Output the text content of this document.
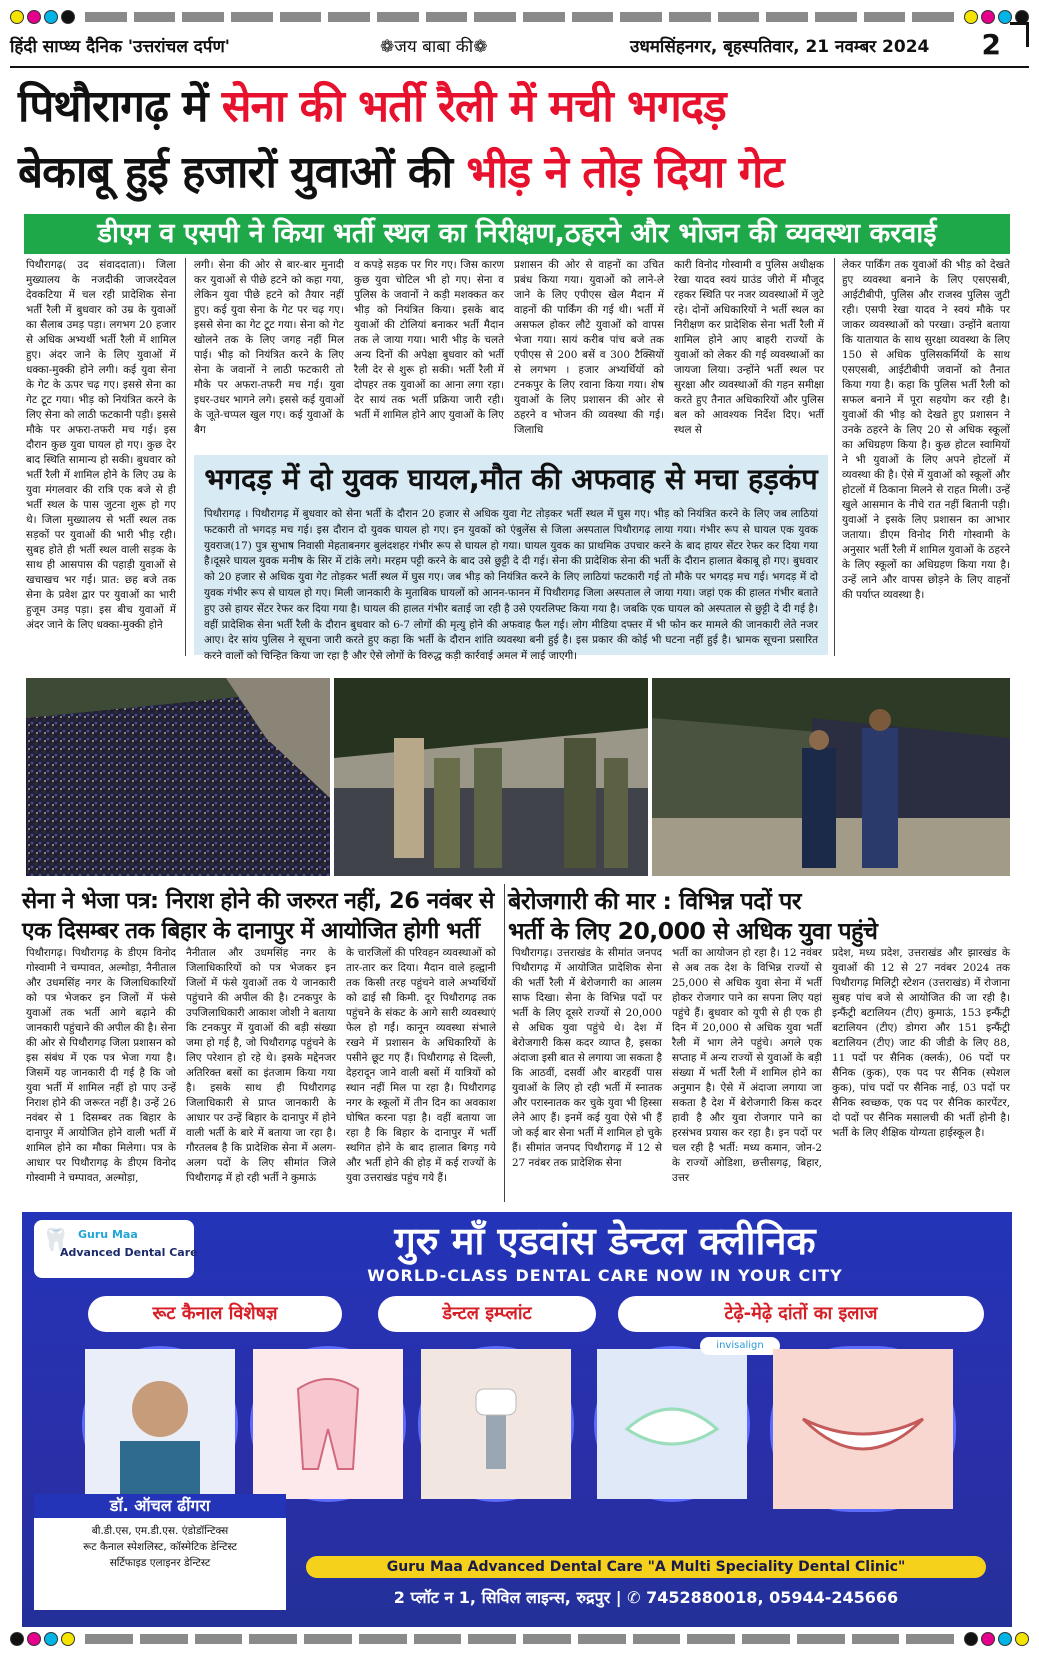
हिंदी साप्ध्य दैनिक 'उत्तरांचल दर्पण'	❁जय बाबा की❁	उधमसिंहनगर, बृहस्पतिवार, 21 नवम्बर 2024 2
पिथौरागढ़ में सेना की भर्ती रैली में मची भगदड़
बेकाबू हुई हजारों युवाओं की भीड़ ने तोड़ दिया गेट
डीएम व एसपी ने किया भर्ती स्थल का निरीक्षण,ठहरने और भोजन की व्यवस्था करवाई
पिथौरागढ़( उद संवाददाता)। जिला मुख्यालय के नजदीकी जाजरदेवल देवकटिया में चल रही प्रादेशिक सेना भर्ती रैली में बुधवार को उम्र के युवाओं का सैलाब उमड़ पड़ा। लगभग 20 हजार से अधिक अभ्यर्थी भर्ती रैली में शामिल हुए। अंदर जाने के लिए युवाओं में धक्का-मुक्की होने लगी। कई युवा सेना के गेट के ऊपर चढ़ गए। इससे सेना का गेट टूट गया। भीड़ को नियंत्रित करने के लिए सेना को लाठी फटकानी पड़ी। इससे मौके पर अफरा-तफरी मच गई। इस दौरान कुछ युवा घायल हो गए। कुछ देर बाद स्थिति सामान्य हो सकी। बुधवार को भर्ती रैली में शामिल होने के लिए उम्र के युवा मंगलवार की रात्रि एक बजे से ही भर्ती स्थल के पास जुटना शुरू हो गए थे। जिला मुख्यालय से भर्ती स्थल तक सड़कों पर युवाओं की भारी भीड़ रही। सुबह होते ही भर्ती स्थल वाली सड़क के साथ ही आसपास की पहाड़ी युवाओं से खचाखच भर गई। प्रात: छह बजे तक सेना के प्रवेश द्वार पर युवाओं का भारी हुजूम उमड़ पड़ा। इस बीच युवाओं में अंदर जाने के लिए धक्का-मुक्की होने
लगी। सेना की ओर से बार-बार मुनादी कर युवाओं से पीछे हटने को कहा गया, लेकिन युवा पीछे हटने को तैयार नहीं हुए। कई युवा सेना के गेट पर चढ़ गए। इससे सेना का गेट टूट गया। सेना को गेट खोलने तक के लिए जगह नहीं मिल पाई। भीड़ को नियंत्रित करने के लिए सेना के जवानों ने लाठी फटकारी तो मौके पर अफरा-तफरी मच गई। युवा इधर-उधर भागने लगे। इससे कई युवाओं के जूते-चप्पल खुल गए। कई युवाओं के बैग
व कपड़े सड़क पर गिर गए। जिस कारण कुछ युवा चोटिल भी हो गए। सेना व पुलिस के जवानों ने कड़ी मशक्कत कर भीड़ को नियंत्रित किया। इसके बाद युवाओं की टोलियां बनाकर भर्ती मैदान तक ले जाया गया। भारी भीड़ के चलते अन्य दिनों की अपेक्षा बुधवार को भर्ती रैली देर से शुरू हो सकी। भर्ती रैली में दोपहर तक युवाओं का आना लगा रहा। देर सायं तक भर्ती प्रक्रिया जारी रही। भर्ती में शामिल होने आए युवाओं के लिए
प्रशासन की ओर से वाहनों का उचित प्रबंध किया गया। युवाओं को लाने-ले जाने के लिए एपीएस खेल मैदान में वाहनों की पार्किंग की गई थी। भर्ती में असफल होकर लौटे युवाओं को वापस भेजा गया। सायं करीब पांच बजे तक एपीएस से 200 बसें व 300 टैक्सियों से लगभग । हजार अभ्यर्थियों को टनकपुर के लिए रवाना किया गया। शेष युवाओं के लिए प्रशासन की ओर से ठहरने व भोजन की व्यवस्था की गई। जिलाधि
कारी विनोद गोस्वामी व पुलिस अधीक्षक रेखा यादव स्वयं ग्राउंड जीरो में मौजूद रहकर स्थिति पर नजर व्यवस्थाओं में जुटे रहे। दोनों अधिकारियों ने भर्ती स्थल का निरीक्षण कर प्रादेशिक सेना भर्ती रैली में शामिल होने आए बाहरी राज्यों के युवाओं को लेकर की गई व्यवस्थाओं का जायजा लिया। उन्होंने भर्ती स्थल पर सुरक्षा और व्यवस्थाओं की गहन समीक्षा करते हुए तैनात अधिकारियों और पुलिस बल को आवश्यक निर्देश दिए। भर्ती स्थल से
लेकर पार्किंग तक युवाओं की भीड़ को देखते हुए व्यवस्था बनाने के लिए एसएसबी, आईटीबीपी, पुलिस और राजस्व पुलिस जुटी रही। एसपी रेखा यादव ने स्वयं मौके पर जाकर व्यवस्थाओं को परखा। उन्होंने बताया कि यातायात के साथ सुरक्षा व्यवस्था के लिए 150 से अधिक पुलिसकर्मियों के साथ एसएसबी, आईटीबीपी जवानों को तैनात किया गया है। कहा कि पुलिस भर्ती रैली को सफल बनाने में पूरा सहयोग कर रही है। युवाओं की भीड़ को देखते हुए प्रशासन ने उनके ठहरने के लिए 20 से अधिक स्कूलों का अधिग्रहण किया है। कुछ होटल स्वामियों ने भी युवाओं के लिए अपने होटलों में व्यवस्था की है। ऐसे में युवाओं को स्कूलों और होटलों में ठिकाना मिलने से राहत मिली। उन्हें खुले आसमान के नीचे रात नहीं बितानी पड़ी। युवाओं ने इसके लिए प्रशासन का आभार जताया। डीएम विनोद गिरी गोस्वामी के अनुसार भर्ती रैली में शामिल युवाओं के ठहरने के लिए स्कूलों का अधिग्रहण किया गया है। उन्हें लाने और वापस छोड़ने के लिए वाहनों की पर्याप्त व्यवस्था है।
भगदड़ में दो युवक घायल,मौत की अफवाह से मचा हड़कंप
पिथौरागढ़ । पिथौरागढ़ में बुधवार को सेना भर्ती के दौरान 20 हजार से अधिक युवा गेट तोड़कर भर्ती स्थल में घुस गए। भीड़ को नियंत्रित करने के लिए जब लाठियां फटकारी तो भगदड़ मच गई। इस दौरान दो युवक घायल हो गए। इन युवकों को एंबुलेंस से जिला अस्पताल पिथौरागढ़ लाया गया। गंभीर रूप से घायल एक युवक युवराज(17) पुत्र सुभाष निवासी मेहताबनगर बुलंदशहर गंभीर रूप से घायल हो गया। घायल युवक का प्राथमिक उपचार करने के बाद हायर सेंटर रेफर कर दिया गया है।दूसरे घायल युवक मनीष के सिर में टांके लगे। मरहम पट्टी करने के बाद उसे छुट्टी दे दी गई। सेना की प्रादेशिक सेना की भर्ती के दौरान हालात बेकाबू हो गए। बुधवार को 20 हजार से अधिक युवा गेट तोड़कर भर्ती स्थल में घुस गए। जब भीड़ को नियंत्रित करने के लिए लाठियां फटकारी गई तो मौके पर भगदड़ मच गई। भगदड़ में दो युवक गंभीर रूप से घायल हो गए। मिली जानकारी के मुताबिक घायलों को आनन-फानन में पिथौरागढ़ जिला अस्पताल ले जाया गया। जहां एक की हालत गंभीर बताते हुए उसे हायर सेंटर रेफर कर दिया गया है। घायल की हालत गंभीर बताई जा रही है उसे एयरलिफ्ट किया गया है। जबकि एक घायल को अस्पताल से छुट्टी दे दी गई है। वहीं प्रादेशिक सेना भर्ती रैली के दौरान बुधवार को 6-7 लोगों की मृत्यु होने की अफवाह फैल गई। लोग मीडिया दफ्तर में भी फोन कर मामले की जानकारी लेते नजर आए। देर सांय पुलिस ने सूचना जारी करते हुए कहा कि भर्ती के दौरान शांति व्यवस्था बनी हुई है। इस प्रकार की कोई भी घटना नहीं हुई है। भ्रामक सूचना प्रसारित करने वालों को चिन्हित किया जा रहा है और ऐसे लोगों के विरुद्ध कड़ी कार्रवाई अमल में लाई जाएगी।
सेना ने भेजा पत्र: निराश होने की जरुरत नहीं, 26 नवंबर से
एक दिसम्बर तक बिहार के दानापुर में आयोजित होगी भर्ती
पिथौरागढ़। पिथौरागढ़ के डीएम विनोद गोस्वामी ने चम्पावत, अल्मोड़ा, नैनीताल और उधमसिंह नगर के जिलाधिकारियों को पत्र भेजकर इन जिलों में फंसे युवाओं तक भर्ती आगे बढ़ाने की जानकारी पहुंचाने की अपील की है। सेना की ओर से पिथौरागढ़ जिला प्रशासन को इस संबंध में एक पत्र भेजा गया है। जिसमें यह जानकारी दी गई है कि जो युवा भर्ती में शामिल नहीं हो पाए उन्हें निराश होने की जरूरत नहीं है। उन्हें 26 नवंबर से 1 दिसम्बर तक बिहार के दानापुर में आयोजित होने वाली भर्ती में शामिल होने का मौका मिलेगा। पत्र के आधार पर पिथौरागढ़ के डीएम विनोद गोस्वामी ने चम्पावत, अल्मोड़ा,
नैनीताल और उधमसिंह नगर के जिलाधिकारियों को पत्र भेजकर इन जिलों में फंसे युवाओं तक ये जानकारी पहुंचाने की अपील की है। टनकपुर के उपजिलाधिकारी आकाश जोशी ने बताया कि टनकपुर में युवाओं की बड़ी संख्या जमा हो गई है, जो पिथौरागढ़ पहुंचने के लिए परेशान हो रहे थे। इसके मद्देनजर अतिरिक्त बसों का इंतजाम किया गया है। इसके साथ ही पिथौरागढ़ जिलाधिकारी से प्राप्त जानकारी के आधार पर उन्हें बिहार के दानापुर में होने वाली भर्ती के बारे में बताया जा रहा है। गौरतलब है कि प्रादेशिक सेना में अलग-अलग पदों के लिए सीमांत जिले पिथौरागढ़ में हो रही भर्ती ने कुमाऊं
के चारजिलों की परिवहन व्यवस्थाओं को तार-तार कर दिया। मैदान वाले हल्द्वानी तक किसी तरह पहुंचने वाले अभ्यर्थियों को ढाई सौ किमी. दूर पिथौरागढ़ तक पहुंचने के संकट के आगे सारी व्यवस्थाएं फेल हो गईं। कानून व्यवस्था संभाले रखने में प्रशासन के अधिकारियों के पसीने छूट गए हैं। पिथौरागढ़ से दिल्ली, देहरादून जाने वाली बसों में यात्रियों को स्थान नहीं मिल पा रहा है। पिथौरागढ़ नगर के स्कूलों में तीन दिन का अवकाश घोषित करना पड़ा है। वहीं बताया जा रहा है कि बिहार के दानापुर में भर्ती स्थगित होने के बाद हालात बिगड़ गये और भर्ती होने की होड़ में कई राज्यों के युवा उत्तराखंड पहुंच गये हैं।
बेरोजगारी की मार : विभिन्न पदों पर
भर्ती के लिए 20,000 से अधिक युवा पहुंचे
पिथौरागढ़। उत्तराखंड के सीमांत जनपद पिथौरागढ़ में आयोजित प्रादेशिक सेना की भर्ती रैली में बेरोजगारी का आलम साफ दिखा। सेना के विभिन्न पदों पर भर्ती के लिए दूसरे राज्यों से 20,000 से अधिक युवा पहुंचे थे। देश में बेरोजगारी किस कदर व्याप्त है, इसका अंदाजा इसी बात से लगाया जा सकता है कि आठवीं, दसवीं और बारहवीं पास युवाओं के लिए हो रही भर्ती में स्नातक और परास्नातक कर चुके युवा भी हिस्सा लेने आए हैं। इनमें कई युवा ऐसे भी हैं जो कई बार सेना भर्ती में शामिल हो चुके हैं। सीमांत जनपद पिथौरागढ़ में 12 से 27 नवंबर तक प्रादेशिक सेना
भर्ती का आयोजन हो रहा है। 12 नवंबर से अब तक देश के विभिन्न राज्यों से 25,000 से अधिक युवा सेना में भर्ती होकर रोजगार पाने का सपना लिए यहां पहुंचे हैं। बुधवार को यूपी से ही एक ही दिन में 20,000 से अधिक युवा भर्ती रैली में भाग लेने पहुंचे। अगले एक सप्ताह में अन्य राज्यों से युवाओं के बड़ी संख्या में भर्ती रैली में शामिल होने का अनुमान है। ऐसे में अंदाजा लगाया जा सकता है देश में बेरोजगारी किस कदर हावी है और युवा रोजगार पाने का हरसंभव प्रयास कर रहा है। इन पदों पर चल रही है भर्ती: मध्य कमान, जोन-2 के राज्यों ओडिशा, छत्तीसगढ़, बिहार, उत्तर
प्रदेश, मध्य प्रदेश, उत्तराखंड और झारखंड के युवाओं की 12 से 27 नवंबर 2024 तक पिथौरागढ़ मिलिट्री स्टेशन (उत्तराखंड) में रोजाना सुबह पांच बजे से आयोजित की जा रही है। इन्फैंट्री बटालियन (टीए) कुमाऊं, 153 इन्फैंट्री बटालियन (टीए) डोगरा और 151 इन्फैंट्री बटालियन (टीए) जाट की जीडी के लिए 88, 11 पदों पर सैनिक (क्लर्क), 06 पदों पर सैनिक (कुक), एक पद पर सैनिक (स्पेशल कुक), पांच पदों पर सैनिक नाई, 03 पदों पर सैनिक स्वच्छक, एक पद पर सैनिक कारपेंटर, दो पदों पर सैनिक मसालची की भर्ती होनी है। भर्ती के लिए शैक्षिक योग्यता हाईस्कूल है।
🦷 Guru Maa
Advanced Dental Care	गुरु माँ एडवांस डेन्टल क्लीनिक
WORLD-CLASS DENTAL CARE NOW IN YOUR CITY
रूट कैनाल विशेषज्ञ	डेन्टल इम्प्लांट	टेढ़े-मेढ़े दांतों का इलाज
invisalign
डॉ. ऑचल ढींगरा
बी.डी.एस, एम.डी.एस. एंडोडॉन्टिक्स
रूट कैनाल स्पेशलिस्ट, कॉस्मेटिक डेन्टिस्ट
सर्टिफाइड एलाइनर डेन्टिस्ट	Guru Maa Advanced Dental Care "A Multi Speciality Dental Clinic"
2 प्लॉट न 1, सिविल लाइन्स, रुद्रपुर | ✆ 7452880018, 05944-245666
